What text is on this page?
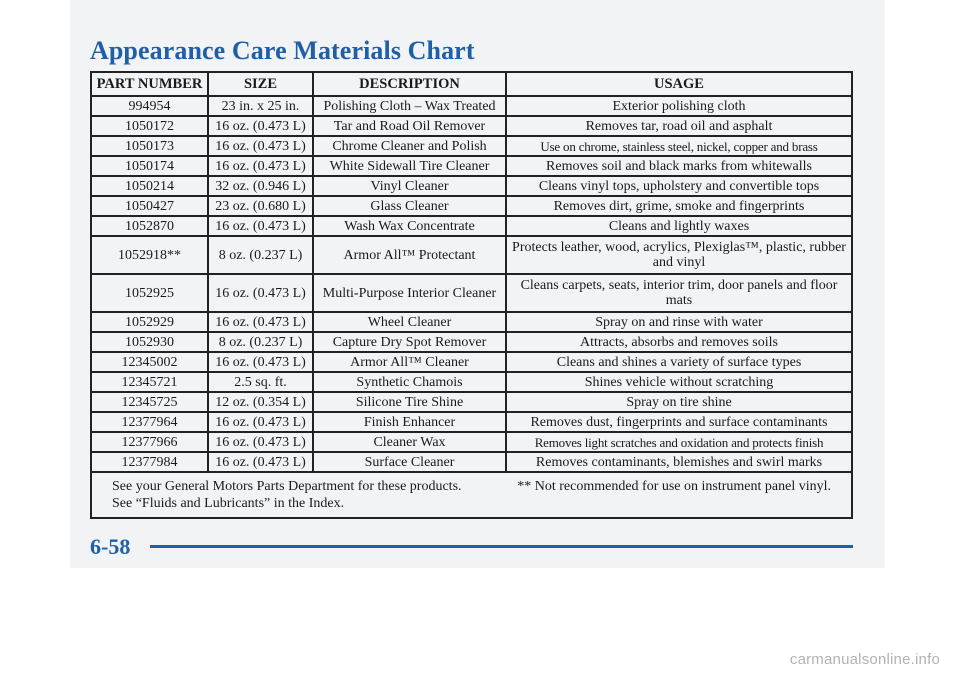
Appearance Care Materials Chart
PART NUMBER	SIZE	DESCRIPTION	USAGE
994954	23 in. x 25 in.	Polishing Cloth – Wax Treated	Exterior polishing cloth
1050172	16 oz. (0.473 L)	Tar and Road Oil Remover	Removes tar, road oil and asphalt
1050173	16 oz. (0.473 L)	Chrome Cleaner and Polish	Use on chrome, stainless steel, nickel, copper and brass
1050174	16 oz. (0.473 L)	White Sidewall Tire Cleaner	Removes soil and black marks from whitewalls
1050214	32 oz. (0.946 L)	Vinyl Cleaner	Cleans vinyl tops, upholstery and convertible tops
1050427	23 oz. (0.680 L)	Glass Cleaner	Removes dirt, grime, smoke and fingerprints
1052870	16 oz. (0.473 L)	Wash Wax Concentrate	Cleans and lightly waxes
1052918**	8 oz. (0.237 L)	Armor All™ Protectant	Protects leather, wood, acrylics, Plexiglas™, plastic, rubber and vinyl
1052925	16 oz. (0.473 L)	Multi-Purpose Interior Cleaner	Cleans carpets, seats, interior trim, door panels and floor mats
1052929	16 oz. (0.473 L)	Wheel Cleaner	Spray on and rinse with water
1052930	8 oz. (0.237 L)	Capture Dry Spot Remover	Attracts, absorbs and removes soils
12345002	16 oz. (0.473 L)	Armor All™ Cleaner	Cleans and shines a variety of surface types
12345721	2.5 sq. ft.	Synthetic Chamois	Shines vehicle without scratching
12345725	12 oz. (0.354 L)	Silicone Tire Shine	Spray on tire shine
12377964	16 oz. (0.473 L)	Finish Enhancer	Removes dust, fingerprints and surface contaminants
12377966	16 oz. (0.473 L)	Cleaner Wax	Removes light scratches and oxidation and protects finish
12377984	16 oz. (0.473 L)	Surface Cleaner	Removes contaminants, blemishes and swirl marks

** Not recommended for use on instrument panel vinyl.
See your General Motors Parts Department for these products.
See “Fluids and Lubricants” in the Index.			
6-58
carmanualsonline.info
